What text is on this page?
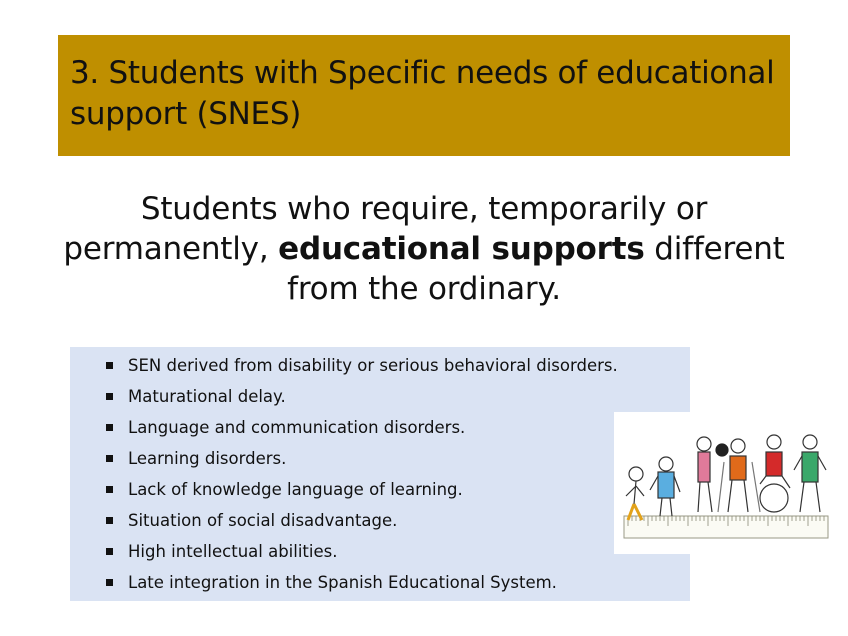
3. Students with Specific needs of educational support (SNES)
Students who require, temporarily or permanently, educational supports different from the ordinary.
SEN derived from disability or serious behavioral disorders.
Maturational delay.
Language and communication disorders.
Learning disorders.
Lack of knowledge language of learning.
Situation of social disadvantage.
High intellectual abilities.
Late integration in the Spanish Educational System.
